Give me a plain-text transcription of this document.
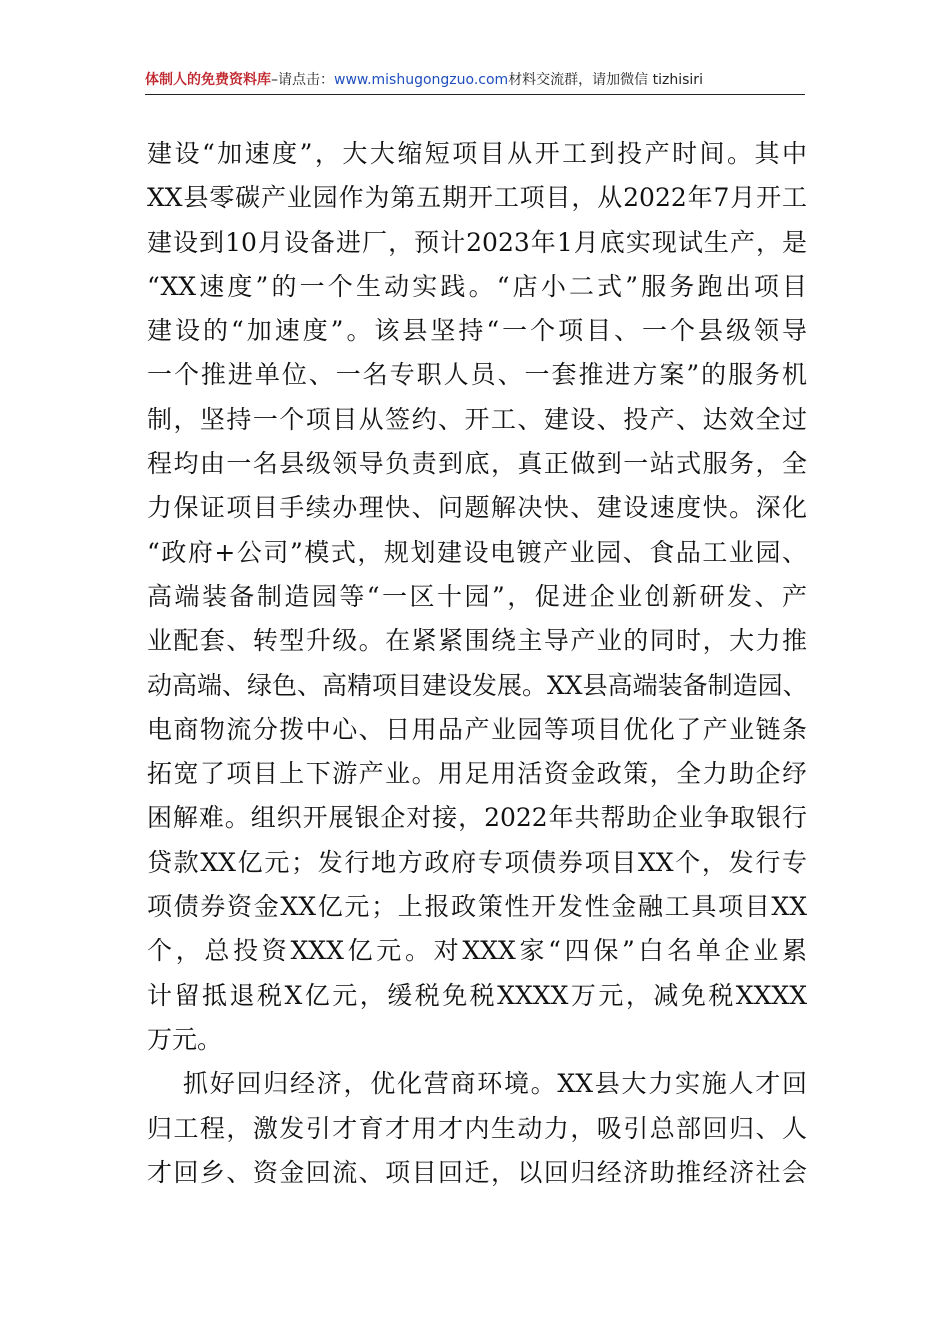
体制人的免费资料库–请点击：www.mishugongzuo.com材料交流群，请加微信 tizhisiri
建设“加速度”，大大缩短项目从开工到投产时间。其中
XX县零碳产业园作为第五期开工项目，从2022年7月开工
建设到10月设备进厂，预计2023年1月底实现试生产，是
“XX速度”的一个生动实践。“店小二式”服务跑出项目
建设的“加速度”。该县坚持“一个项目、一个县级领导
一个推进单位、一名专职人员、一套推进方案”的服务机
制，坚持一个项目从签约、开工、建设、投产、达效全过
程均由一名县级领导负责到底，真正做到一站式服务，全
力保证项目手续办理快、问题解决快、建设速度快。深化
“政府+公司”模式，规划建设电镀产业园、食品工业园、
高端装备制造园等“一区十园”，促进企业创新研发、产
业配套、转型升级。在紧紧围绕主导产业的同时，大力推
动高端、绿色、高精项目建设发展。XX县高端装备制造园、
电商物流分拨中心、日用品产业园等项目优化了产业链条
拓宽了项目上下游产业。用足用活资金政策，全力助企纾
困解难。组织开展银企对接，2022年共帮助企业争取银行
贷款XX亿元；发行地方政府专项债券项目XX个，发行专
项债券资金XX亿元；上报政策性开发性金融工具项目XX
个，总投资XXX亿元。对XXX家“四保”白名单企业累
计留抵退税X亿元，缓税免税XXXX万元，减免税XXXX
万元。
抓好回归经济，优化营商环境。XX县大力实施人才回
归工程，激发引才育才用才内生动力，吸引总部回归、人
才回乡、资金回流、项目回迁，以回归经济助推经济社会
